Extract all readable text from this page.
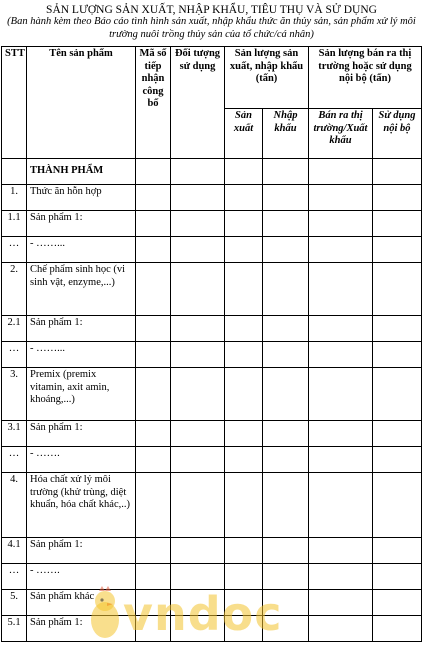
SẢN LƯỢNG SẢN XUẤT, NHẬP KHẨU, TIÊU THỤ VÀ SỬ DỤNG
(Ban hành kèm theo Báo cáo tình hình sản xuất, nhập khẩu thức ăn thủy sản, sản phẩm xử lý môi trường nuôi trồng thủy sản của tổ chức/cá nhân)
STT	Tên sản phẩm	Mã số tiếp nhận công bố	Đối tượng sử dụng	Sản lượng sản xuất, nhập khẩu (tấn)		Sản lượng bán ra thị trường hoặc sử dụng nội bộ (tấn)	
				Sản xuất	Nhập khẩu	Bán ra thị trường/Xuất khẩu	Sử dụng nội bộ
	THÀNH PHẨM						
1.	Thức ăn hỗn hợp						
1.1	Sản phẩm 1:						
…	- ……...						
2.	Chế phẩm sinh học (vi sinh vật, enzyme,...)						
2.1	Sản phẩm 1:						
…	- ……...						
3.	Premix (premix vitamin, axit amin, khoáng,...)						
3.1	Sản phẩm 1:						
…	- …….						
4.	Hóa chất xử lý môi trường (khử trùng, diệt khuẩn, hóa chất khác,..)						
4.1	Sản phẩm 1:						
…	- …….						
5.	Sản phẩm khác						
5.1	Sản phẩm 1:						vndoc
